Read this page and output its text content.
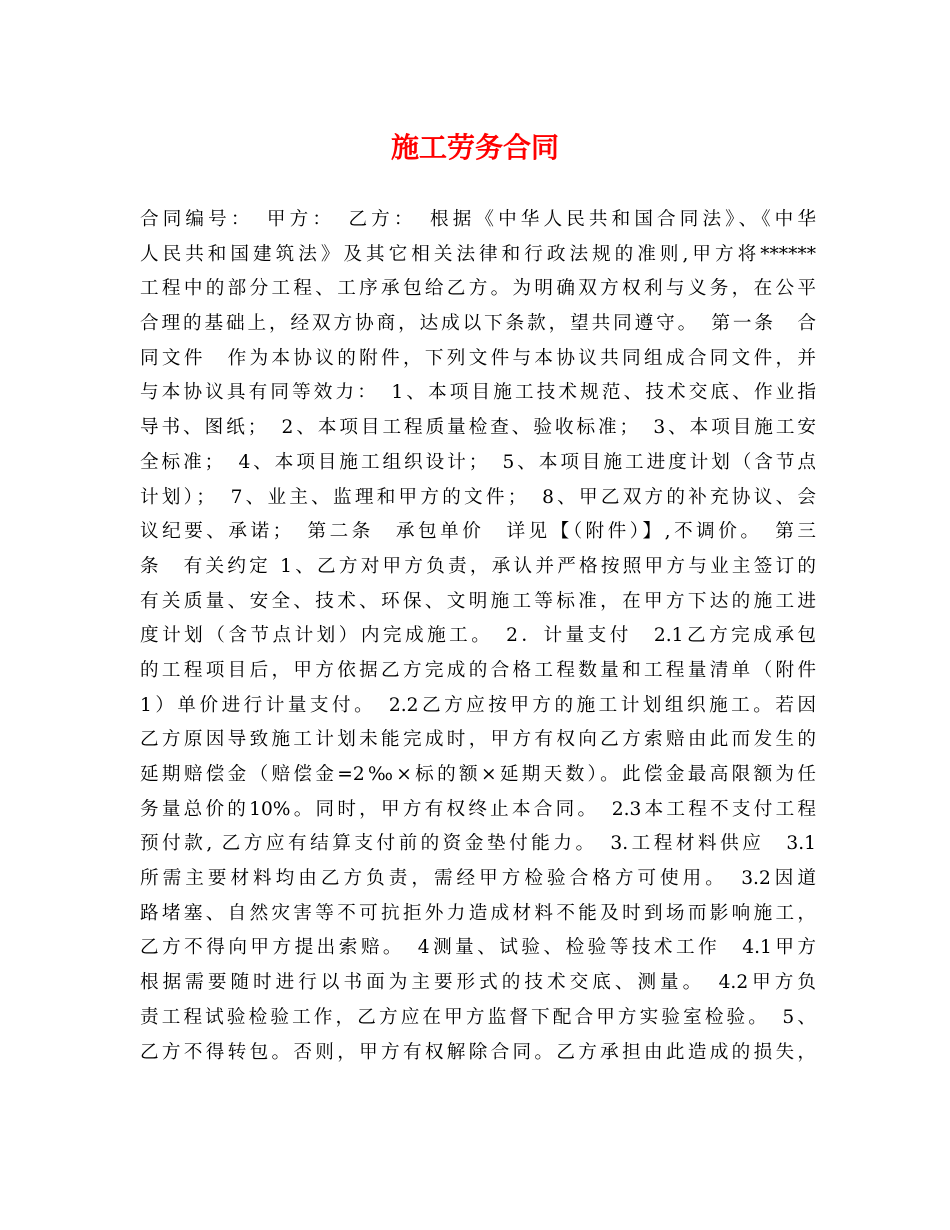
施工劳务合同
合同编号：　甲方：　乙方：　根据《中华人民共和国合同法》、《中华
人民共和国建筑法》及其它相关法律和行政法规的准则,甲方将******
工程中的部分工程、工序承包给乙方。为明确双方权利与义务，在公平
合理的基础上，经双方协商，达成以下条款，望共同遵守。　第一条　合
同文件　作为本协议的附件，下列文件与本协议共同组成合同文件，并
与本协议具有同等效力：　1、本项目施工技术规范、技术交底、作业指
导书、图纸；　2、本项目工程质量检查、验收标准；　3、本项目施工安
全标准；　4、本项目施工组织设计；　5、本项目施工进度计划（含节点
计划）；　7、业主、监理和甲方的文件；　8、甲乙双方的补充协议、会
议纪要、承诺；　第二条　承包单价　详见【（附件）】,不调价。　第三
条　有关约定 1、乙方对甲方负责，承认并严格按照甲方与业主签订的
有关质量、安全、技术、环保、文明施工等标准，在甲方下达的施工进
度计划（含节点计划）内完成施工。　2．计量支付　2.1乙方完成承包
的工程项目后，甲方依据乙方完成的合格工程数量和工程量清单（附件
1）单价进行计量支付。　2.2乙方应按甲方的施工计划组织施工。若因
乙方原因导致施工计划未能完成时，甲方有权向乙方索赔由此而发生的
延期赔偿金（赔偿金=2‰×标的额×延期天数）。此偿金最高限额为任
务量总价的10%。同时，甲方有权终止本合同。　2.3本工程不支付工程
预付款, 乙方应有结算支付前的资金垫付能力。　3.工程材料供应　3.1
所需主要材料均由乙方负责，需经甲方检验合格方可使用。　3.2因道
路堵塞、自然灾害等不可抗拒外力造成材料不能及时到场而影响施工，
乙方不得向甲方提出索赔。　4测量、试验、检验等技术工作　4.1甲方
根据需要随时进行以书面为主要形式的技术交底、测量。　4.2甲方负
责工程试验检验工作，乙方应在甲方监督下配合甲方实验室检验。　5、
乙方不得转包。否则，甲方有权解除合同。乙方承担由此造成的损失，
